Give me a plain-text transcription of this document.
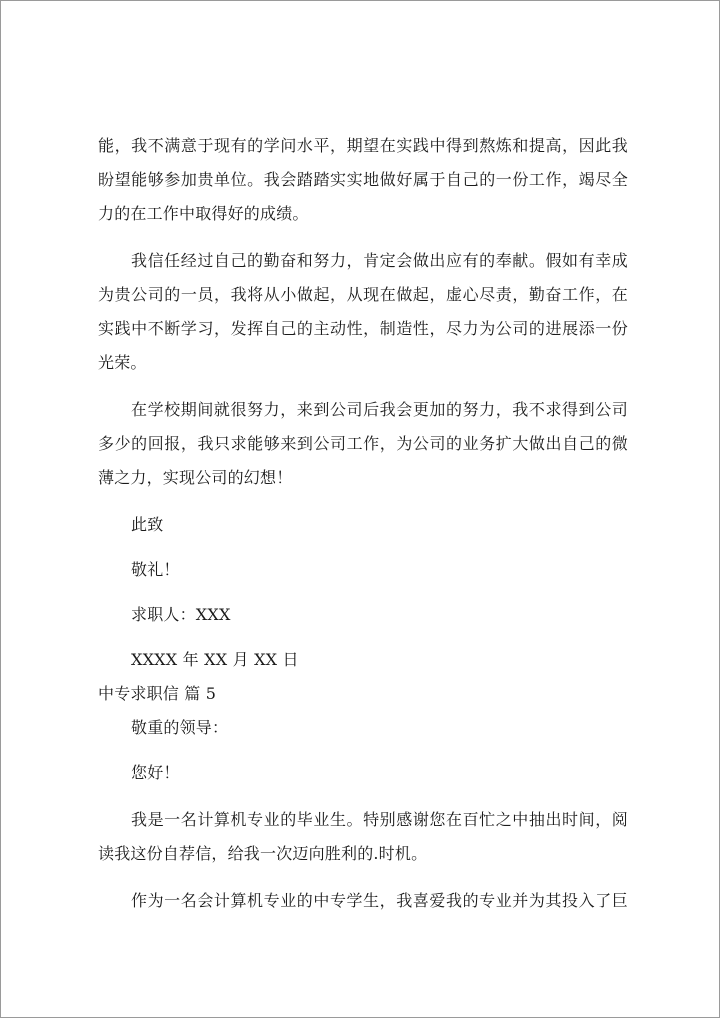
能，我不满意于现有的学问水平，期望在实践中得到熬炼和提高，因此我
盼望能够参加贵单位。我会踏踏实实地做好属于自己的一份工作，竭尽全
力的在工作中取得好的成绩。
我信任经过自己的勤奋和努力，肯定会做出应有的奉献。假如有幸成
为贵公司的一员，我将从小做起，从现在做起，虚心尽责，勤奋工作，在
实践中不断学习，发挥自己的主动性，制造性，尽力为公司的进展添一份
光荣。
在学校期间就很努力，来到公司后我会更加的努力，我不求得到公司
多少的回报，我只求能够来到公司工作，为公司的业务扩大做出自己的微
薄之力，实现公司的幻想！
此致
敬礼！
求职人：XXX
XXXX 年 XX 月 XX 日
中专求职信 篇 5
敬重的领导：
您好！
我是一名计算机专业的毕业生。特别感谢您在百忙之中抽出时间，阅
读我这份自荐信，给我一次迈向胜利的.时机。
作为一名会计算机专业的中专学生，我喜爱我的专业并为其投入了巨
